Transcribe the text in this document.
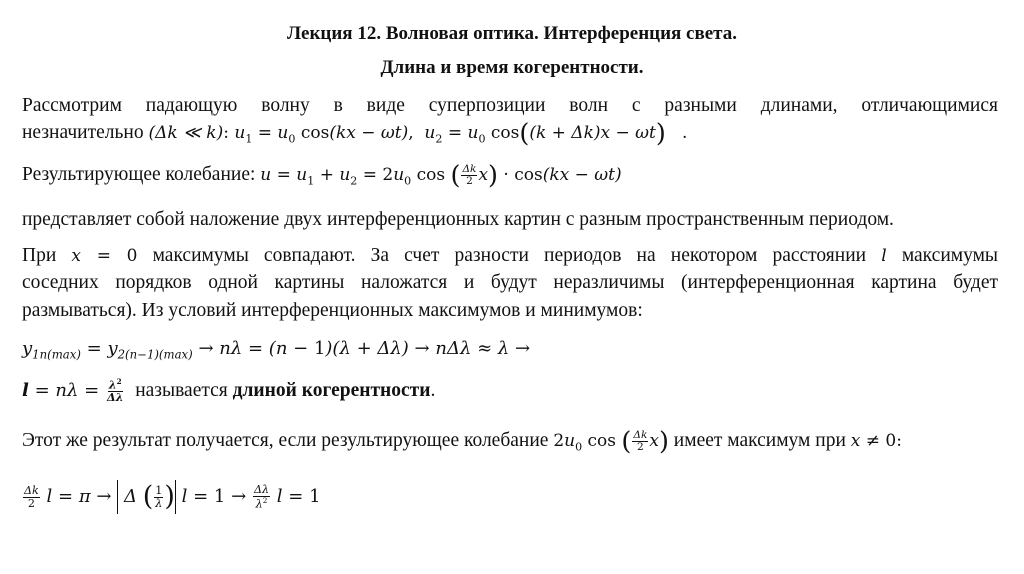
Лекция 12. Волновая оптика. Интерференция света.
Длина и время когерентности.
Рассмотрим падающую волну в виде суперпозиции волн с разными длинами, отличающимися
незначительно (Δk ≪ k): $u_1 = u_0$ cos(kx − ωt),  $u_2 = u_0$ cos((k + Δk)x − ωt) .
Результирующее колебание: $u = u_1 + u_2 = 2u_0$ cos ( $\frac{\Delta k}{2} x) \cdot \cos(kx - \omega t)$
представляет собой наложение двух интерференционных картин с разным пространственным периодом.
При x = 0 максимумы совпадают. За счет разности периодов на некотором расстоянии l максимумы
соседних порядков одной картины наложатся и будут неразличимы (интерференционная картина будет
размываться). Из условий интерференционных максимумов и минимумов:
$y_{1n(max)} = y_{2(n-1)(max)} \to n\lambda = (n - 1)(\lambda + \Delta\lambda) \to n\Delta\lambda \approx \lambda$ →
$l = n\lambda = \frac{\lambda^2}{\Delta\lambda}$ называется длиной когерентности.
Этот же результат получается, если результирующее колебание $2u_0$ cos ( $\frac{\Delta k}{2} x$) имеет максимум при x ≠ 0:
$\frac{\Delta k}{2}$ l = π →  Δ ( $\frac{1}{\lambda}$ ) $l = 1 \to \frac{\Delta\lambda}{\lambda^2}$ l = 1
